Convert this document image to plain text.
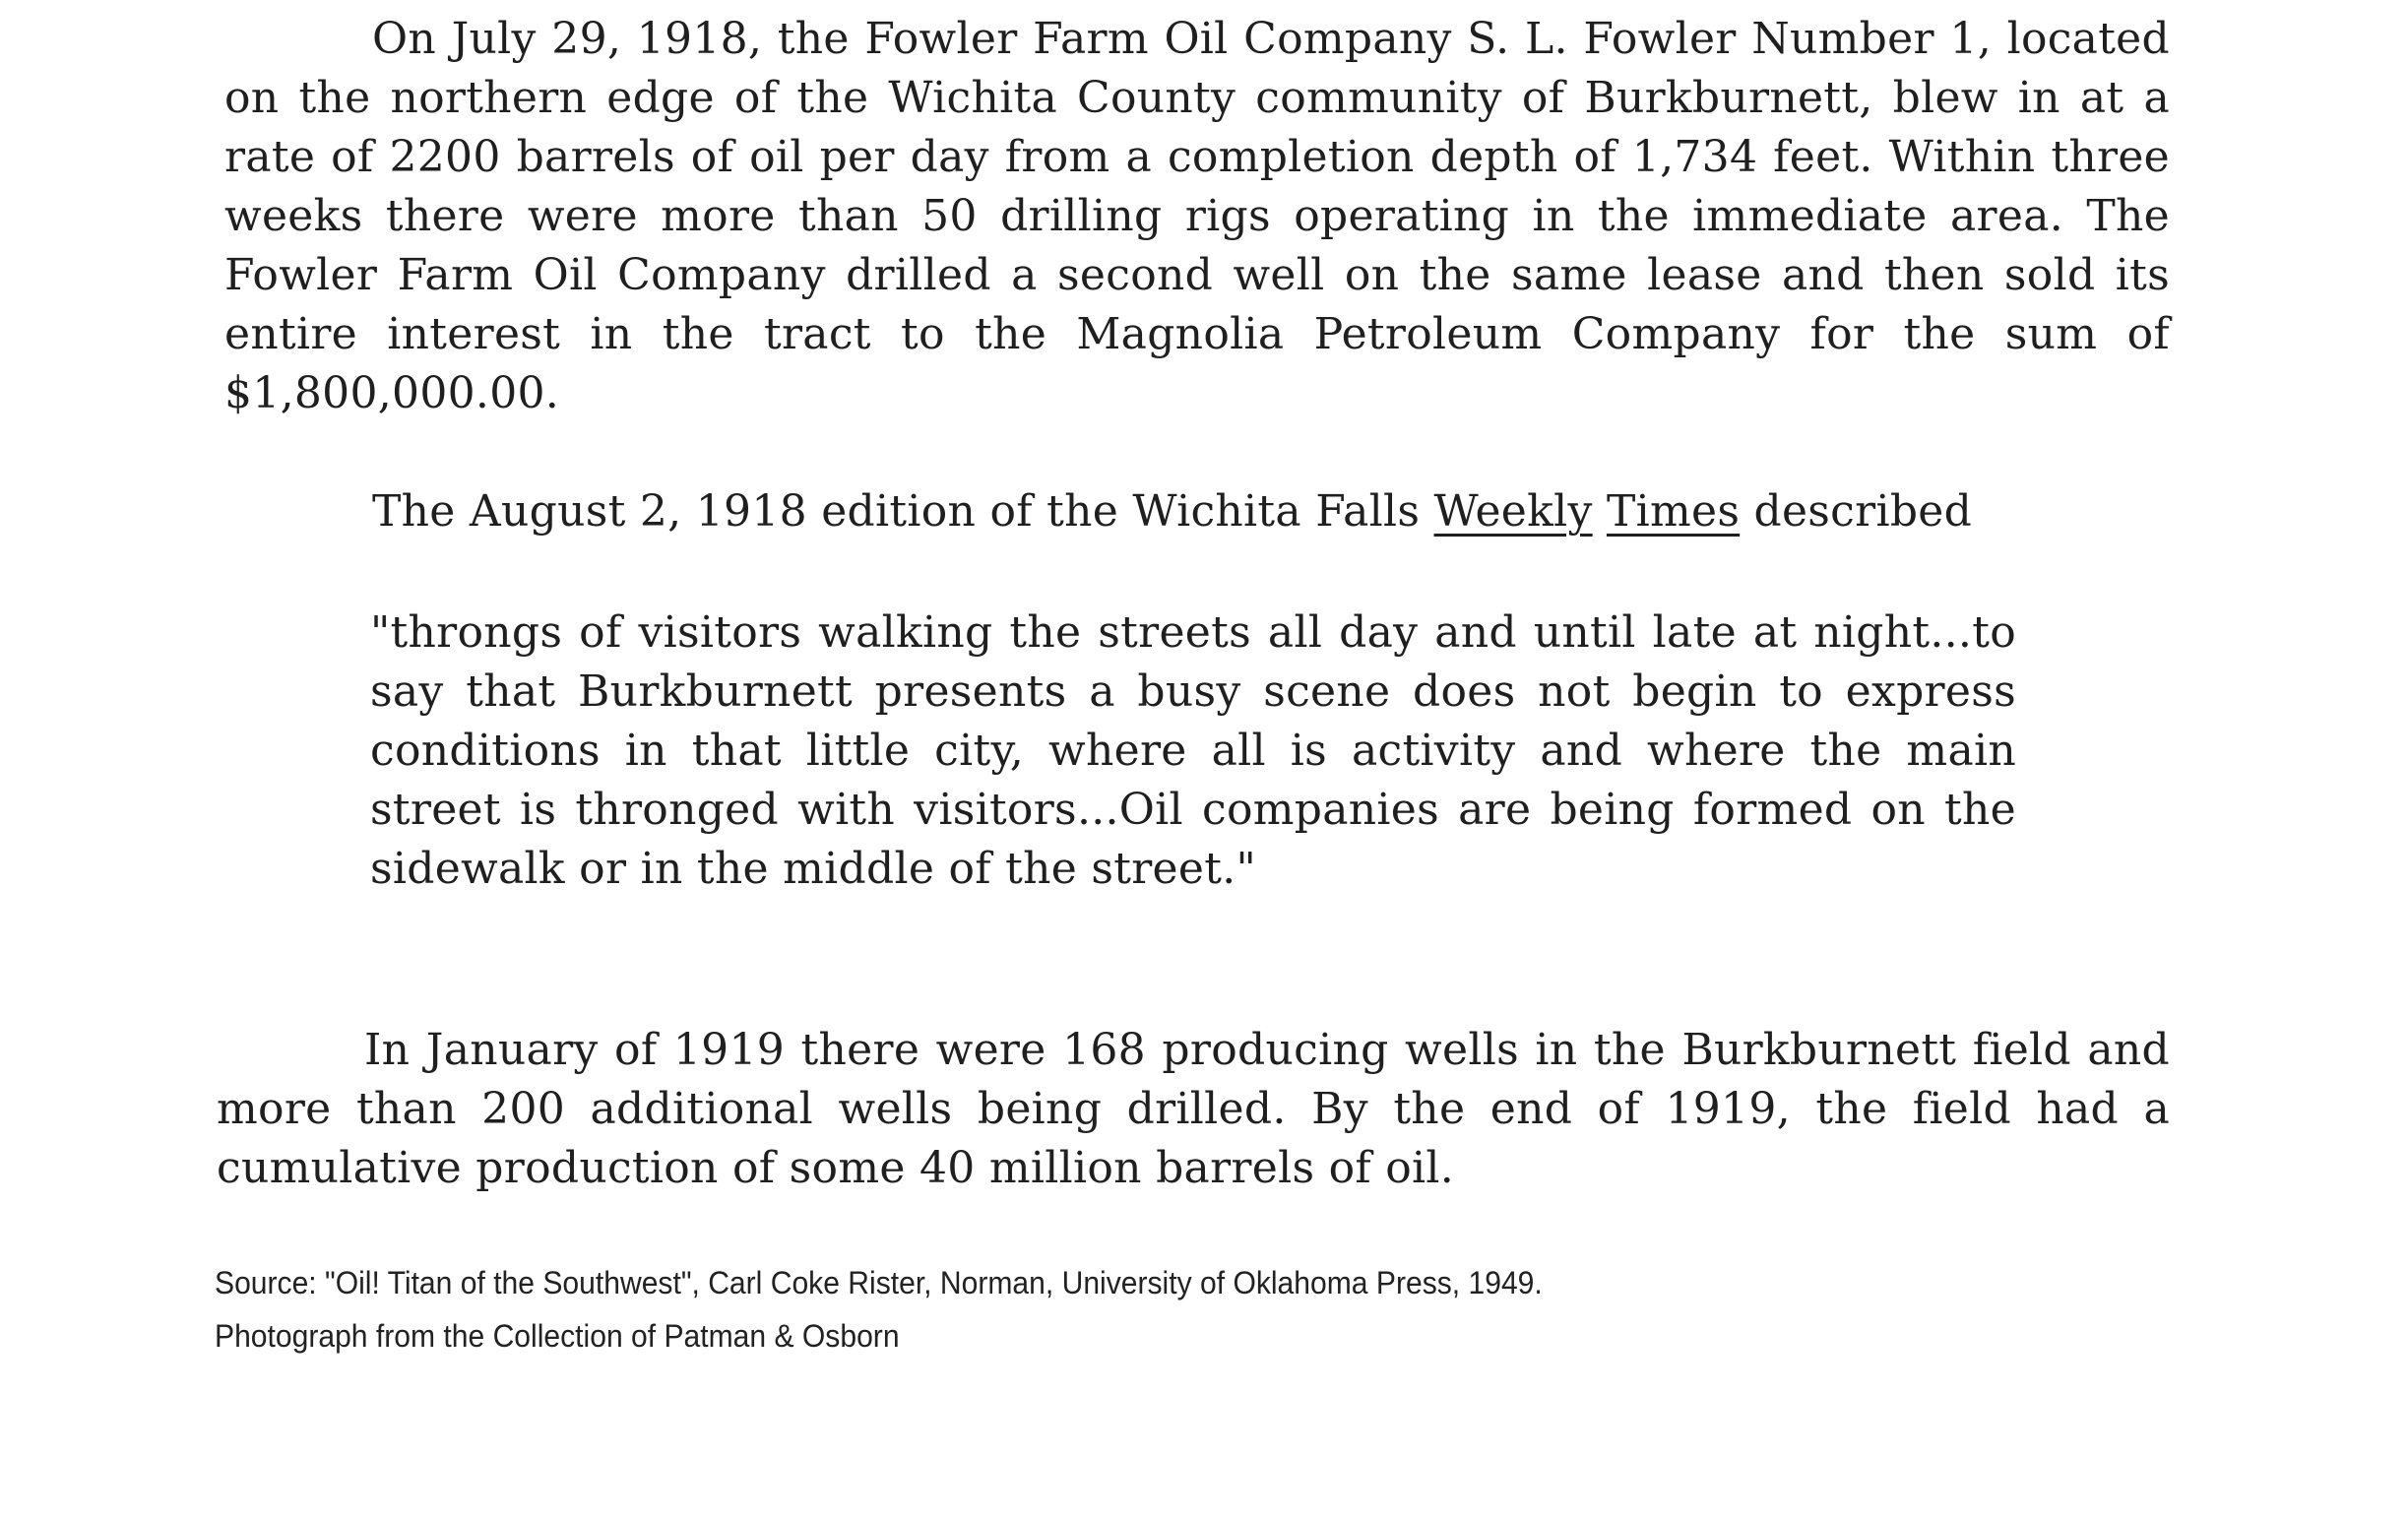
On July 29, 1918, the Fowler Farm Oil Company S. L. Fowler Number 1, located on the northern edge of the Wichita County community of Burkburnett, blew in at a rate of 2200 barrels of oil per day from a completion depth of 1,734 feet. Within three weeks there were more than 50 drilling rigs operating in the immediate area. The Fowler Farm Oil Company drilled a second well on the same lease and then sold its entire interest in the tract to the Magnolia Petroleum Company for the sum of $1,800,000.00.

The August 2, 1918 edition of the Wichita Falls Weekly Times described

"throngs of visitors walking the streets all day and until late at night...to say that Burkburnett presents a busy scene does not begin to express conditions in that little city, where all is activity and where the main street is thronged with visitors...Oil companies are being formed on the sidewalk or in the middle of the street."

In January of 1919 there were 168 producing wells in the Burkburnett field and more than 200 additional wells being drilled. By the end of 1919, the field had a cumulative production of some 40 million barrels of oil.

Source: "Oil! Titan of the Southwest", Carl Coke Rister, Norman, University of Oklahoma Press, 1949.

Photograph from the Collection of Patman & Osborn
